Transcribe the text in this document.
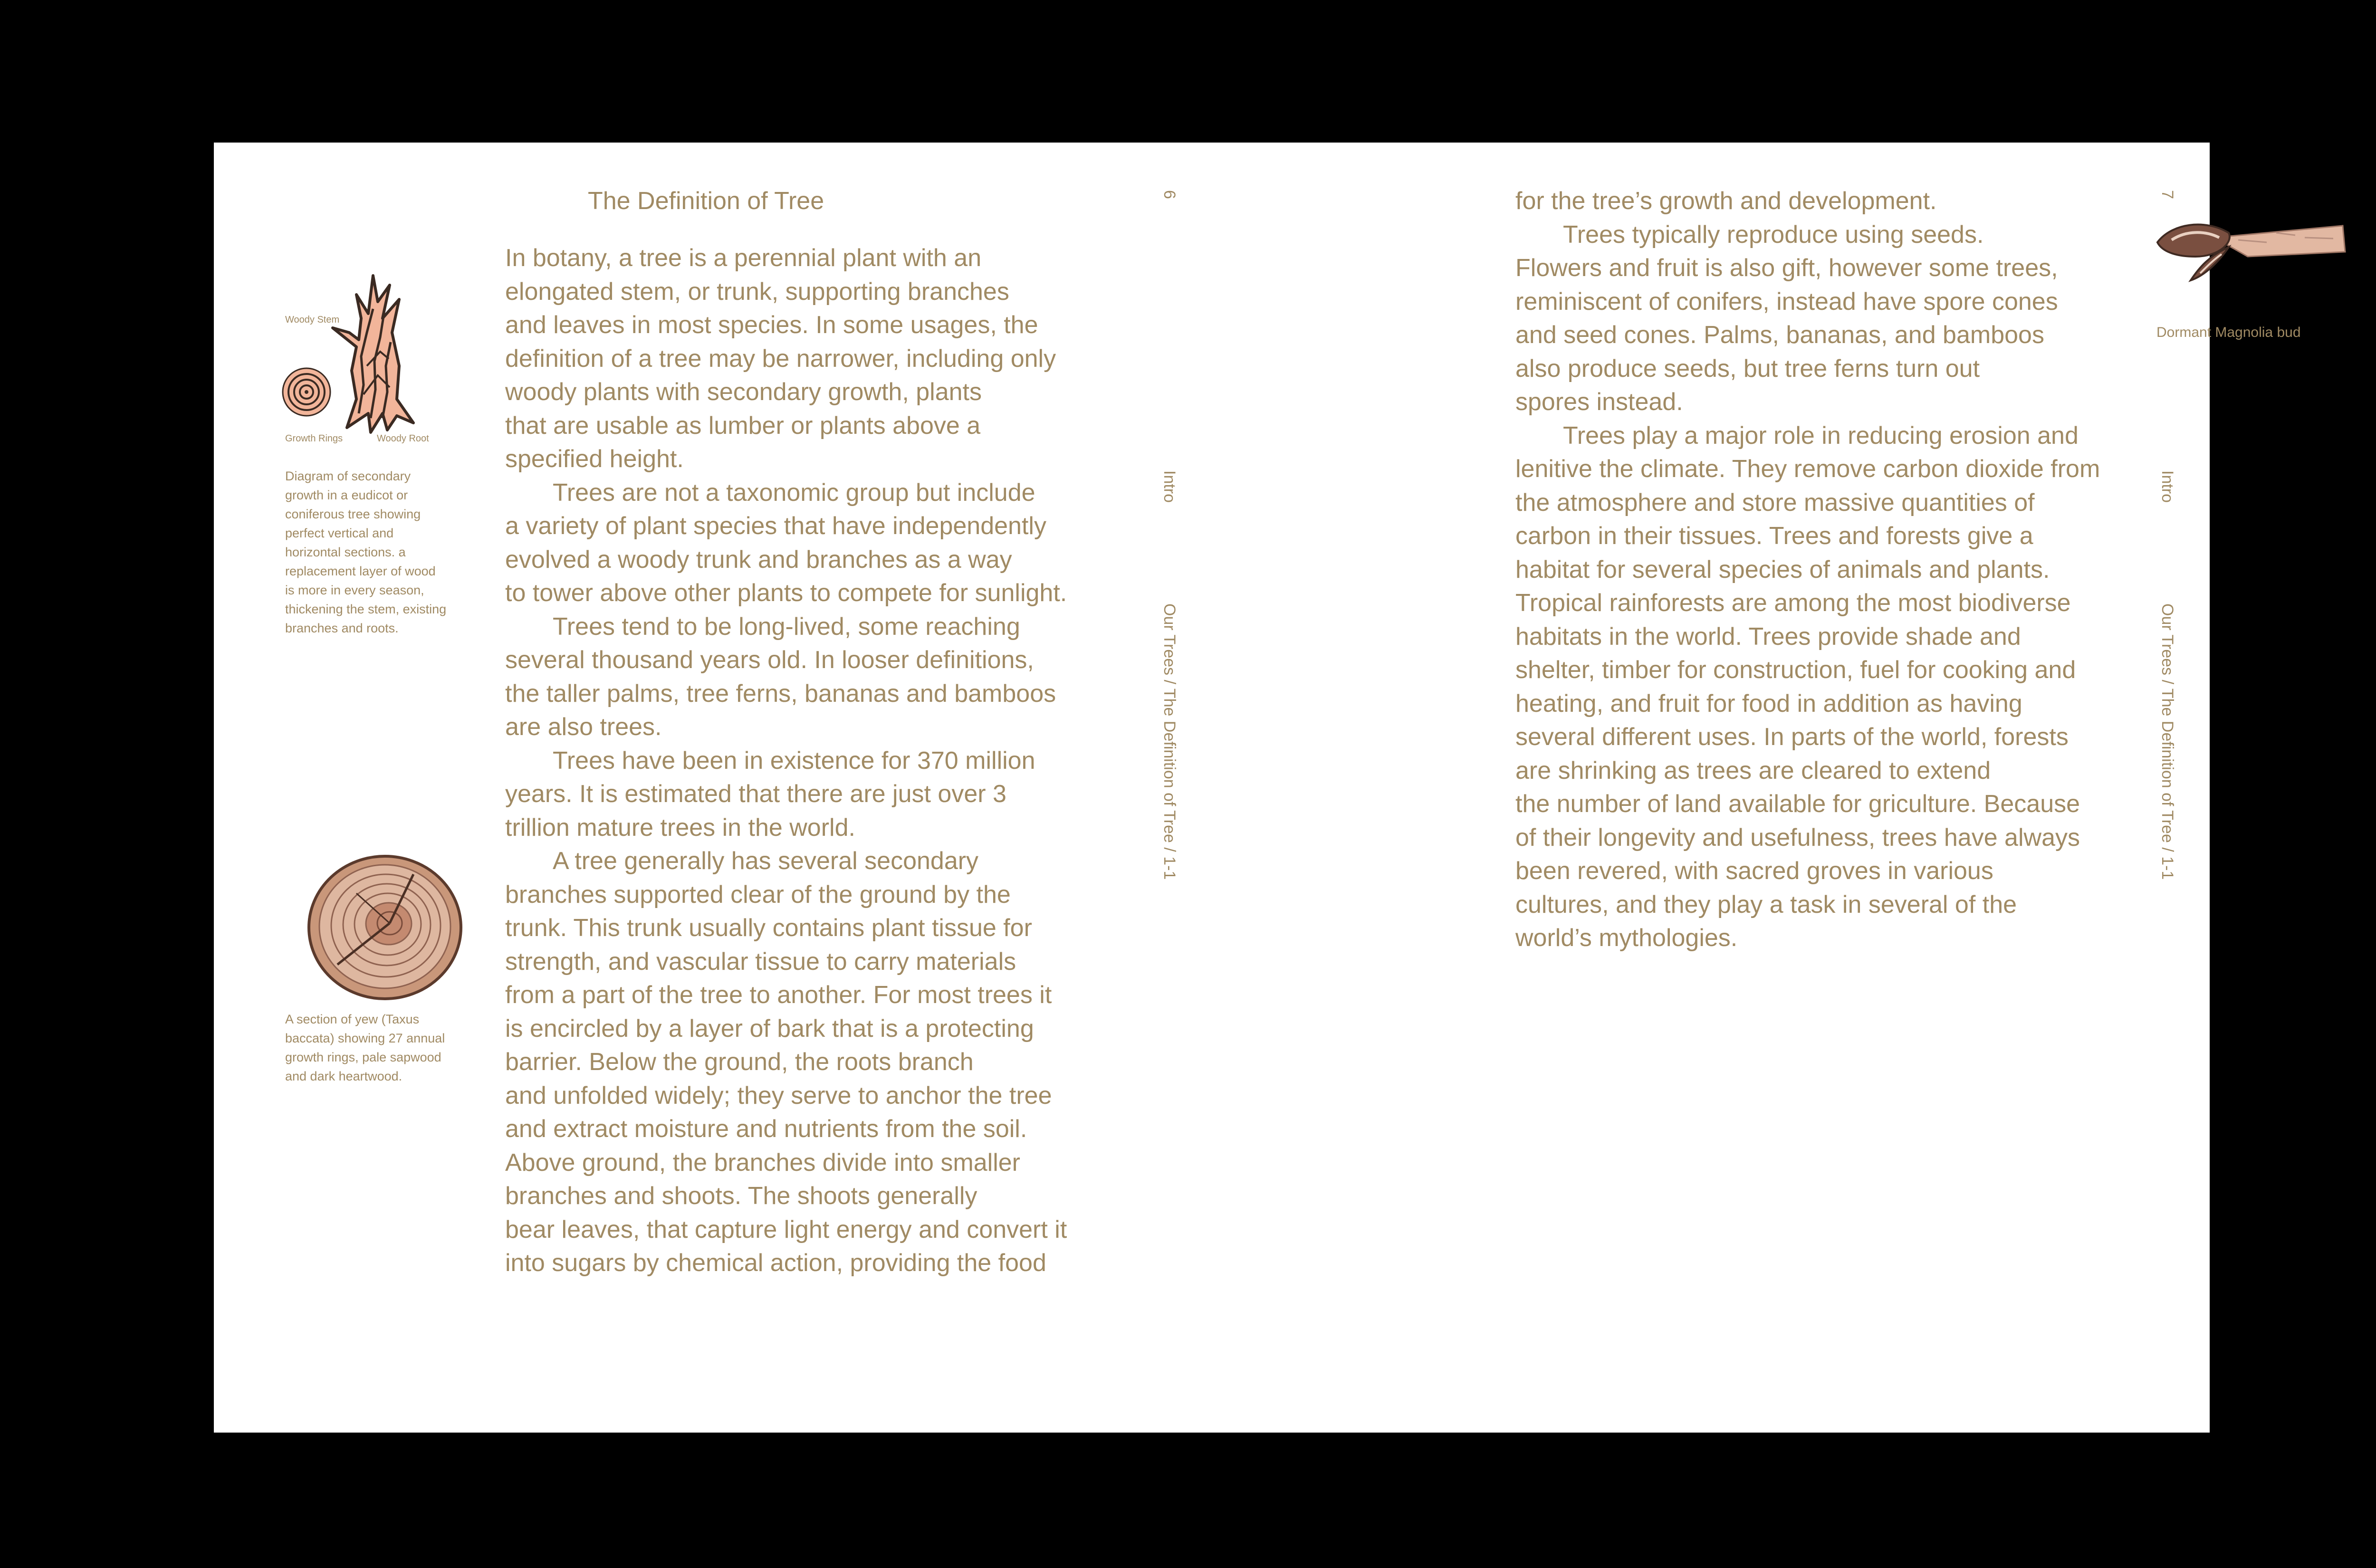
Woody Stem
Growth Rings	Woody Root
Diagram of secondary
growth in a eudicot or
coniferous tree showing
perfect vertical and
horizontal sections. a
replacement layer of wood
is more in every season,
thickening the stem, existing
branches and roots.
A section of yew (Taxus
baccata) showing 27 annual
growth rings, pale sapwood
and dark heartwood.
The Definition of Tree
In botany, a tree is a perennial plant with an
elongated stem, or trunk, supporting branches
and leaves in most species. In some usages, the
definition of a tree may be narrower, including only
woody plants with secondary growth, plants
that are usable as lumber or plants above a
specified height.
Trees are not a taxonomic group but include
a variety of plant species that have independently
evolved a woody trunk and branches as a way
to tower above other plants to compete for sunlight.
Trees tend to be long-lived, some reaching
several thousand years old. In looser definitions,
the taller palms, tree ferns, bananas and bamboos
are also trees.
Trees have been in existence for 370 million
years. It is estimated that there are just over 3
trillion mature trees in the world.
A tree generally has several secondary
branches supported clear of the ground by the
trunk. This trunk usually contains plant tissue for
strength, and vascular tissue to carry materials
from a part of the tree to another. For most trees it
is encircled by a layer of bark that is a protecting
barrier. Below the ground, the roots branch
and unfolded widely; they serve to anchor the tree
and extract moisture and nutrients from the soil.
Above ground, the branches divide into smaller
branches and shoots. The shoots generally
bear leaves, that capture light energy and convert it
into sugars by chemical action, providing the food
6
Intro
Our Trees / The Definition of Tree / 1-1
for the tree’s growth and development.
Trees typically reproduce using seeds.
Flowers and fruit is also gift, however some trees,
reminiscent of conifers, instead have spore cones
and seed cones. Palms, bananas, and bamboos
also produce seeds, but tree ferns turn out
spores instead.
Trees play a major role in reducing erosion and
lenitive the climate. They remove carbon dioxide from
the atmosphere and store massive quantities of
carbon in their tissues. Trees and forests give a
habitat for several species of animals and plants.
Tropical rainforests are among the most biodiverse
habitats in the world. Trees provide shade and
shelter, timber for construction, fuel for cooking and
heating, and fruit for food in addition as having
several different uses. In parts of the world, forests
are shrinking as trees are cleared to extend
the number of land available for griculture. Because
of their longevity and usefulness, trees have always
been revered, with sacred groves in various
cultures, and they play a task in several of the
world’s mythologies.
Dormant Magnolia bud
7
Intro
Our Trees / The Definition of Tree / 1-1
